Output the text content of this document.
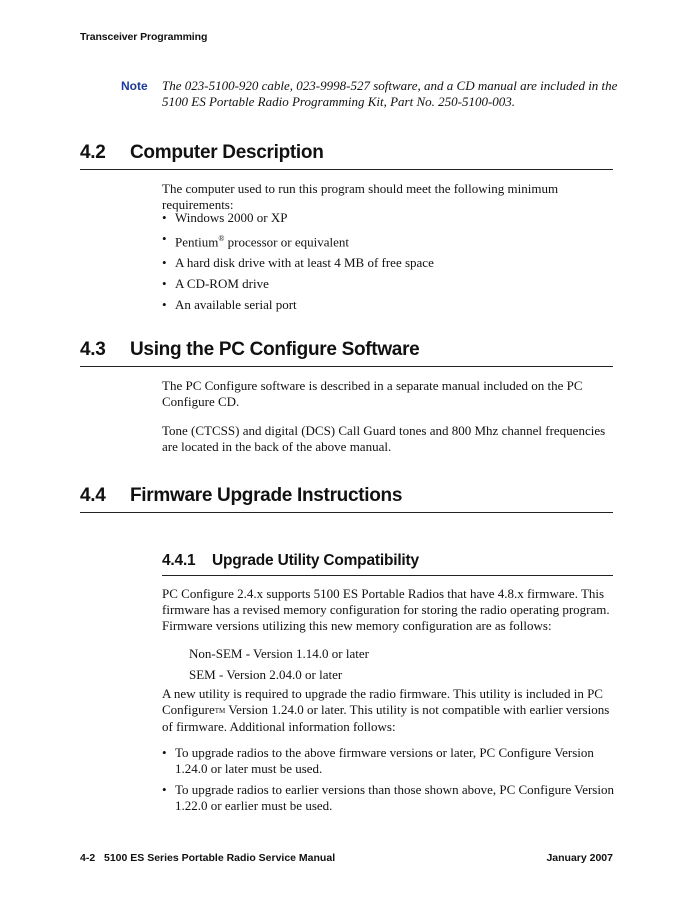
Transceiver Programming
Note The 023-5100-920 cable, 023-9998-527 software, and a CD manual are included in the 5100 ES Portable Radio Programming Kit, Part No. 250-5100-003.
4.2	Computer Description
The computer used to run this program should meet the following minimum requirements:
• Windows 2000 or XP
• Pentium® processor or equivalent
• A hard disk drive with at least 4 MB of free space
• A CD-ROM drive
• An available serial port
4.3	Using the PC Configure Software
The PC Configure software is described in a separate manual included on the PC Configure CD.
Tone (CTCSS) and digital (DCS) Call Guard tones and 800 Mhz channel frequencies are located in the back of the above manual.
4.4	Firmware Upgrade Instructions
4.4.1	Upgrade Utility Compatibility
PC Configure 2.4.x supports 5100 ES Portable Radios that have 4.8.x firmware. This firmware has a revised memory configuration for storing the radio operating program. Firmware versions utilizing this new memory configuration are as follows:
Non-SEM - Version 1.14.0 or later
SEM - Version 2.04.0 or later
A new utility is required to upgrade the radio firmware. This utility is included in PC ConfigureTM Version 1.24.0 or later. This utility is not compatible with earlier versions of firmware. Additional information follows:
• To upgrade radios to the above firmware versions or later, PC Configure Version 1.24.0 or later must be used.
• To upgrade radios to earlier versions than those shown above, PC Configure Version 1.22.0 or earlier must be used.
4-2 5100 ES Series Portable Radio Service Manual	January 2007
